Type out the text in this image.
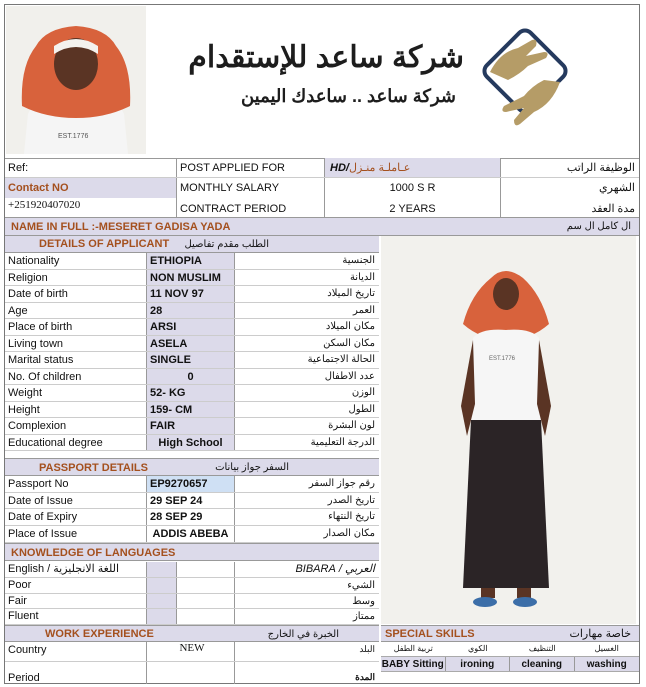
EST.1776
شركة ساعد للإستقدام
شركة ساعد .. ساعدك اليمين
Ref:	POST APPLIED FOR	HD/عـاملـة منـزل	الوظيفة الراتب
Contact NO	MONTHLY SALARY	1000 S R	الشهري
+251920407020	CONTRACT PERIOD	2 YEARS	مدة العقد
NAME IN FULL :-MESERET GADISA YADA	ال كامل ال سم
DETAILS OF APPLICANT الطلب مقدم تفاصيل
PASSPORT DETAILS	السفر جواز بيانات
KNOWLEDGE OF LANGUAGES
English / اللغة الانجليزية	العربي / BIBARA
EST.1776
WORK EXPERIENCE	الخبرة في الخارج
Country	NEW	البلد
Period	المدة
SPECIAL SKILLS	خاصة مهارات
تربية الطفل	الكوي	التنظيف	الغسيل
BABY Sitting	ironing	cleaning	washing
Nationality	ETHIOPIA	الجنسية
Religion	NON MUSLIM	الديانة
Date of birth	11 NOV 97	تاريخ الميلاد
Age	28	العمر
Place of birth	ARSI	مكان الميلاد
Living town	ASELA	مكان السكن
Marital status	SINGLE	الحالة الاجتماعية
No. Of children	0	عدد الاطفال
Weight	52- KG	الوزن
Height	159- CM	الطول
Complexion	FAIR	لون البشرة
Educational degree	High School	الدرجة التعليمية
Passport No	EP9270657	رقم جواز السفر
Date of Issue	29 SEP 24	تاريخ الصدر
Date of Expiry	28 SEP 29	تاريخ النتهاء
Place of Issue	ADDIS ABEBA	مكان الصدار
Poor	الشيء
Fair	وسط
Fluent	ممتاز
